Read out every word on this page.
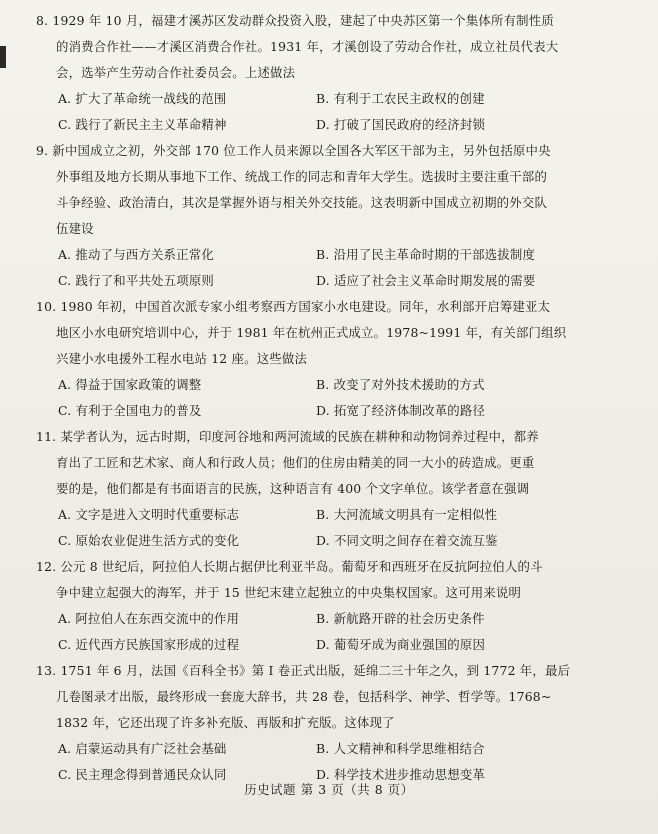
8. 1929 年 10 月，福建才溪苏区发动群众投资入股，建起了中央苏区第一个集体所有制性质
的消费合作社——才溪区消费合作社。1931 年，才溪创设了劳动合作社，成立社员代表大
会，选举产生劳动合作社委员会。上述做法
A. 扩大了革命统一战线的范围	B. 有利于工农民主政权的创建
C. 践行了新民主主义革命精神	D. 打破了国民政府的经济封锁
9. 新中国成立之初，外交部 170 位工作人员来源以全国各大军区干部为主，另外包括原中央
外事组及地方长期从事地下工作、统战工作的同志和青年大学生。选拔时主要注重干部的
斗争经验、政治清白，其次是掌握外语与相关外交技能。这表明新中国成立初期的外交队
伍建设
A. 推动了与西方关系正常化	B. 沿用了民主革命时期的干部选拔制度
C. 践行了和平共处五项原则	D. 适应了社会主义革命时期发展的需要
10. 1980 年初，中国首次派专家小组考察西方国家小水电建设。同年，水利部开启筹建亚太
地区小水电研究培训中心，并于 1981 年在杭州正式成立。1978~1991 年，有关部门组织
兴建小水电援外工程水电站 12 座。这些做法
A. 得益于国家政策的调整	B. 改变了对外技术援助的方式
C. 有利于全国电力的普及	D. 拓宽了经济体制改革的路径
11. 某学者认为，远古时期，印度河谷地和两河流域的民族在耕种和动物饲养过程中，都养
育出了工匠和艺术家、商人和行政人员；他们的住房由精美的同一大小的砖造成。更重
要的是，他们都是有书面语言的民族，这种语言有 400 个文字单位。该学者意在强调
A. 文字是进入文明时代重要标志	B. 大河流域文明具有一定相似性
C. 原始农业促进生活方式的变化	D. 不同文明之间存在着交流互鉴
12. 公元 8 世纪后，阿拉伯人长期占据伊比利亚半岛。葡萄牙和西班牙在反抗阿拉伯人的斗
争中建立起强大的海军，并于 15 世纪末建立起独立的中央集权国家。这可用来说明
A. 阿拉伯人在东西交流中的作用	B. 新航路开辟的社会历史条件
C. 近代西方民族国家形成的过程	D. 葡萄牙成为商业强国的原因
13. 1751 年 6 月，法国《百科全书》第 I 卷正式出版，延绵二三十年之久，到 1772 年，最后
几卷图录才出版，最终形成一套庞大辞书，共 28 卷，包括科学、神学、哲学等。1768~
1832 年，它还出现了许多补充版、再版和扩充版。这体现了
A. 启蒙运动具有广泛社会基础	B. 人文精神和科学思维相结合
C. 民主理念得到普通民众认同	D. 科学技术进步推动思想变革
历史试题 第 3 页（共 8 页）
